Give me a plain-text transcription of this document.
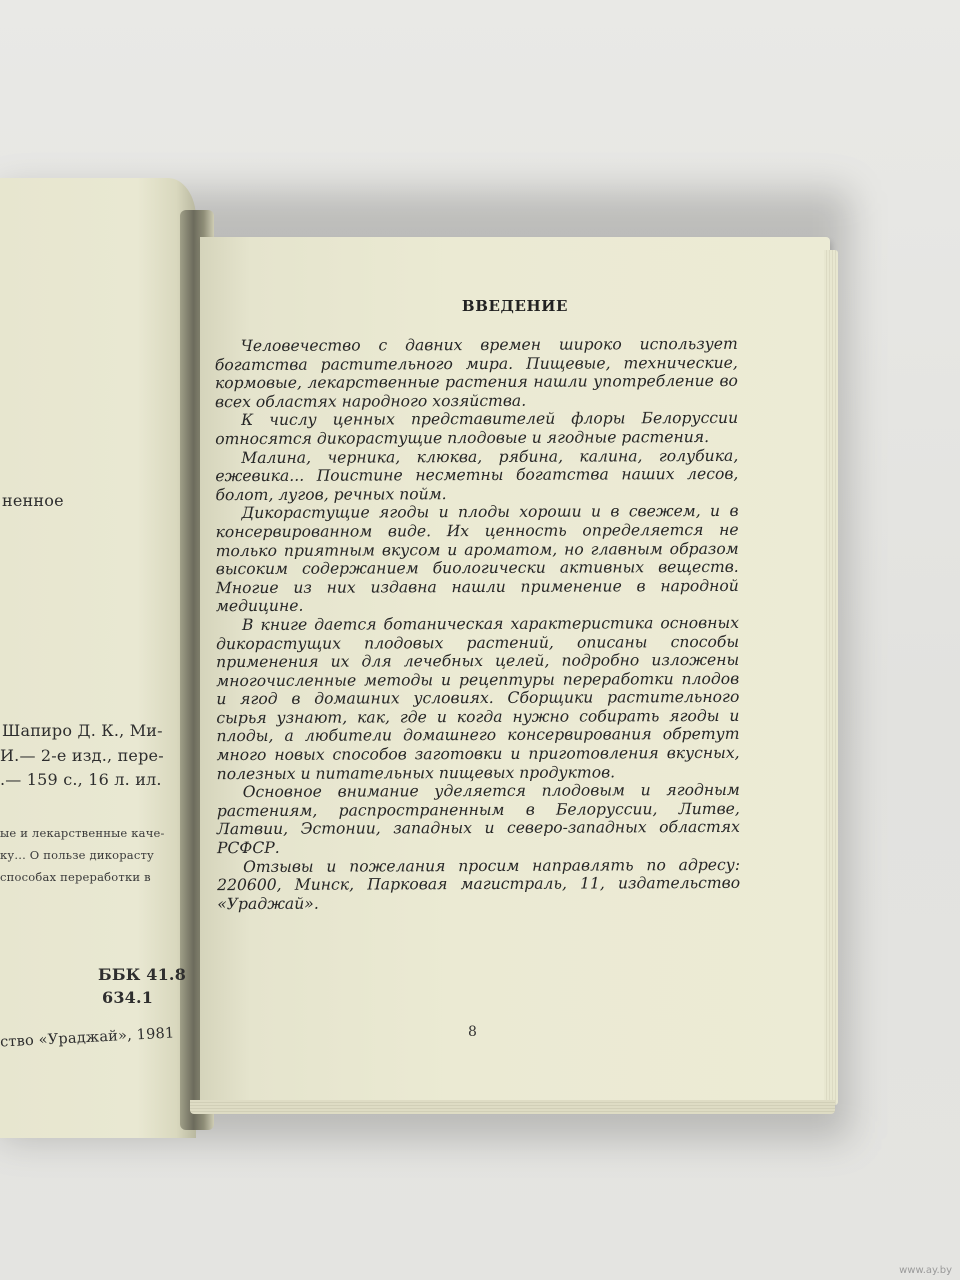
ненное
Шапиро Д. К., Ми-
И.— 2-е изд., пере-
.— 159 с., 16 л. ил.
ые и лекарственные каче-
ку... О пользе дикорасту
способах переработки в
ББК 41.8
634.1
ство «Ураджай», 1981
ВВЕДЕНИЕ

Человечество с давних времен широко использует богатства растительного мира. Пищевые, технические, кормовые, лекарственные растения нашли употребление во всех областях народного хозяйства.

К числу ценных представителей флоры Белоруссии относятся дикорастущие плодовые и ягодные растения.

Малина, черника, клюква, рябина, калина, голубика, ежевика... Поистине несметны богатства наших лесов, болот, лугов, речных пойм.

Дикорастущие ягоды и плоды хороши и в свежем, и в консервированном виде. Их ценность определяется не только приятным вкусом и ароматом, но главным образом высоким содержанием биологически активных веществ. Многие из них издавна нашли применение в народной медицине.

В книге дается ботаническая характеристика основных дикорастущих плодовых растений, описаны способы применения их для лечебных целей, подробно изложены многочисленные методы и рецептуры переработки плодов и ягод в домашних условиях. Сборщики растительного сырья узнают, как, где и когда нужно собирать ягоды и плоды, а любители домашнего консервирования обретут много новых способов заготовки и приготовления вкусных, полезных и питательных пищевых продуктов.

Основное внимание уделяется плодовым и ягодным растениям, распространенным в Белоруссии, Литве, Латвии, Эстонии, западных и северо-западных областях РСФСР.

Отзывы и пожелания просим направлять по адресу: 220600, Минск, Парковая магистраль, 11, издательство «Ураджай».

8
www.ay.by
